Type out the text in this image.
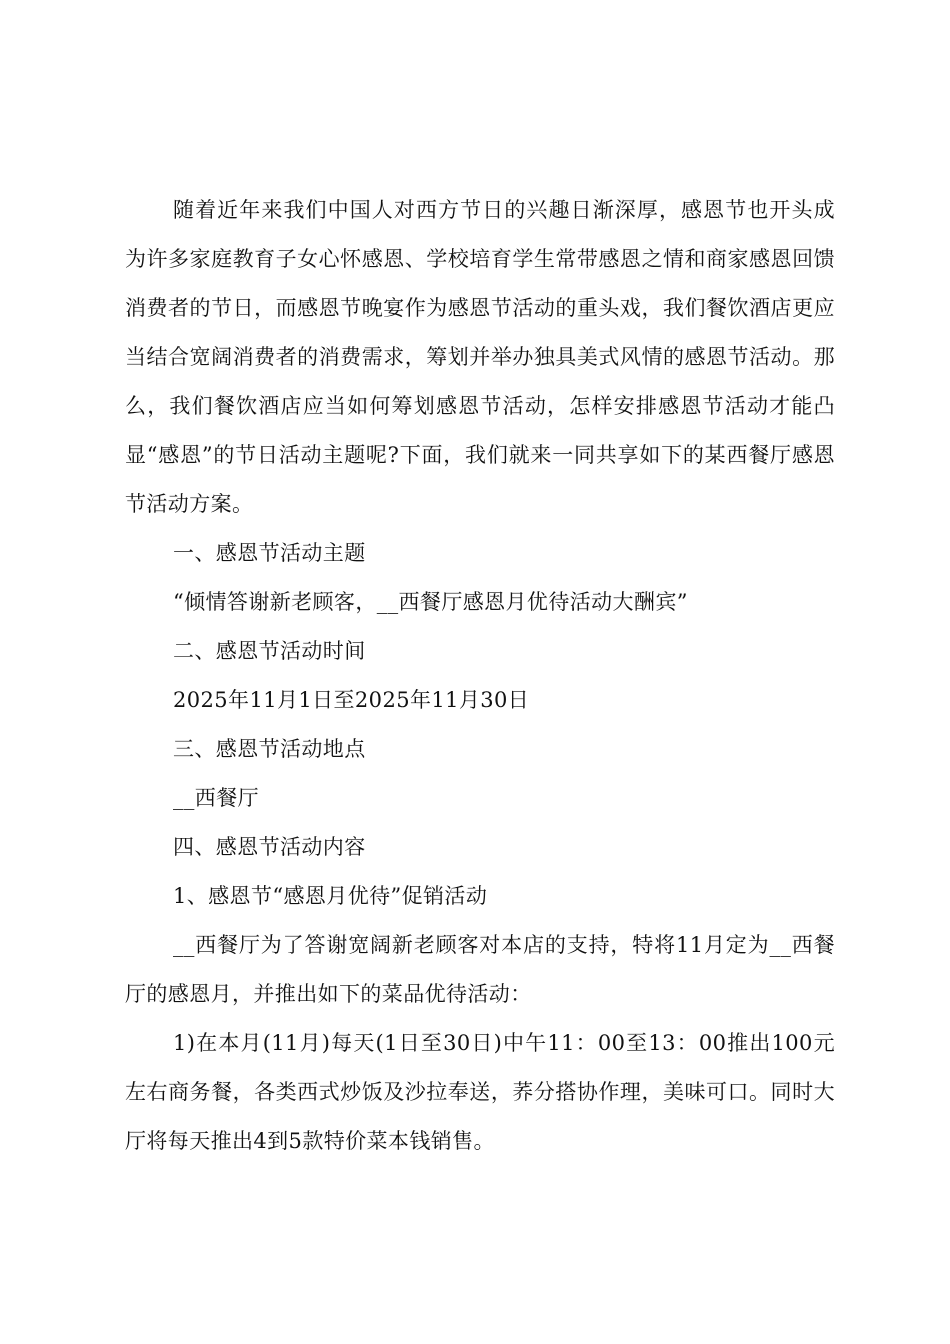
随着近年来我们中国人对西方节日的兴趣日渐深厚，感恩节也开头成为许多家庭教育子女心怀感恩、学校培育学生常带感恩之情和商家感恩回馈消费者的节日，而感恩节晚宴作为感恩节活动的重头戏，我们餐饮酒店更应当结合宽阔消费者的消费需求，筹划并举办独具美式风情的感恩节活动。那么，我们餐饮酒店应当如何筹划感恩节活动，怎样安排感恩节活动才能凸显“感恩”的节日活动主题呢?下面，我们就来一同共享如下的某西餐厅感恩节活动方案。

一、感恩节活动主题

“倾情答谢新老顾客，__西餐厅感恩月优待活动大酬宾”

二、感恩节活动时间

2025年11月1日至2025年11月30日

三、感恩节活动地点

__西餐厅

四、感恩节活动内容

1、感恩节“感恩月优待”促销活动

__西餐厅为了答谢宽阔新老顾客对本店的支持，特将11月定为__西餐厅的感恩月，并推出如下的菜品优待活动：

1)在本月(11月)每天(1日至30日)中午11：00至13：00推出100元左右商务餐，各类西式炒饭及沙拉奉送，荞分搭协作理，美味可口。同时大厅将每天推出4到5款特价菜本钱销售。
